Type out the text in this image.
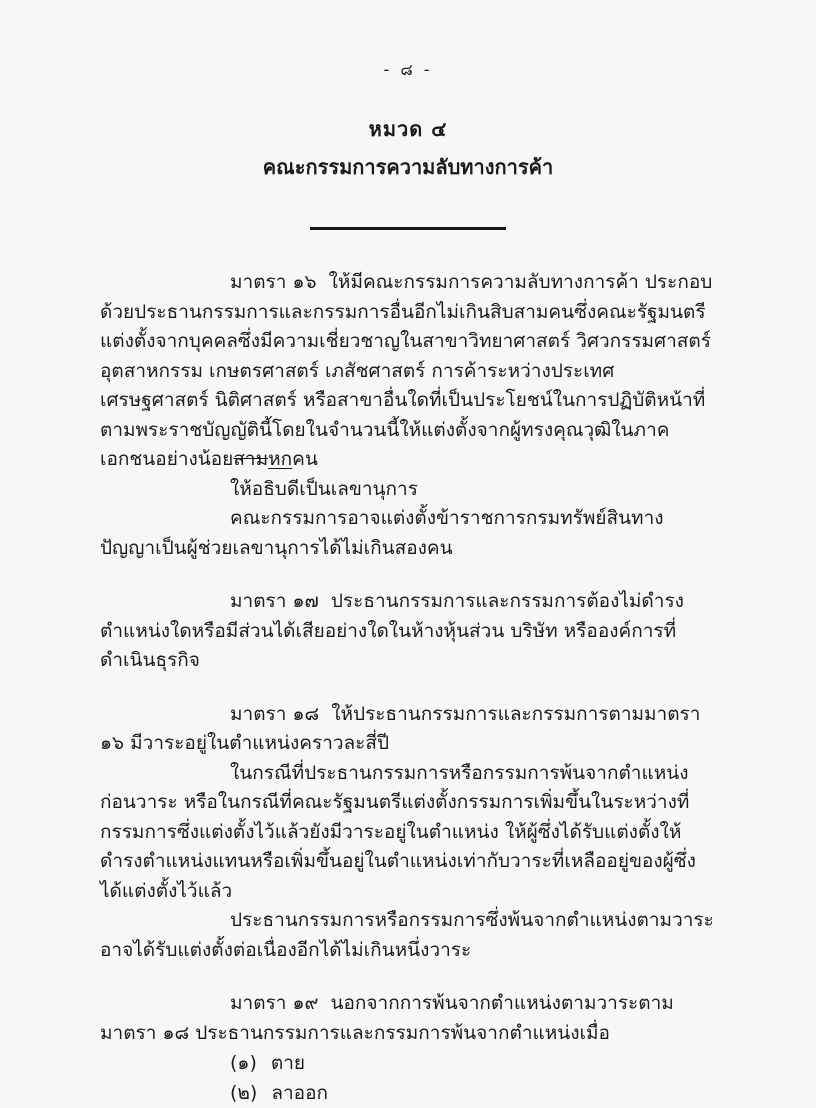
- ๘ -
หมวด ๔
คณะกรรมการความลับทางการค้า

มาตรา ๑๖  ให้มีคณะกรรมการความลับทางการค้า ประกอบด้วยประธานกรรมการและกรรมการอื่นอีกไม่เกินสิบสามคนซึ่งคณะรัฐมนตรีแต่งตั้งจากบุคคลซึ่งมีความเชี่ยวชาญในสาขาวิทยาศาสตร์ วิศวกรรมศาสตร์ อุตสาหกรรม เกษตรศาสตร์ เภสัชศาสตร์ การค้าระหว่างประเทศ เศรษฐศาสตร์ นิติศาสตร์ หรือสาขาอื่นใดที่เป็นประโยชน์ในการปฏิบัติหน้าที่ตามพระราชบัญญัตินี้โดยในจำนวนนี้ให้แต่งตั้งจากผู้ทรงคุณวุฒิในภาคเอกชนอย่างน้อยสามหกคน

ให้อธิบดีเป็นเลขานุการ

คณะกรรมการอาจแต่งตั้งข้าราชการกรมทรัพย์สินทางปัญญาเป็นผู้ช่วยเลขานุการได้ไม่เกินสองคน

มาตรา ๑๗  ประธานกรรมการและกรรมการต้องไม่ดำรงตำแหน่งใดหรือมีส่วนได้เสียอย่างใดในห้างหุ้นส่วน บริษัท หรือองค์การที่ดำเนินธุรกิจ

มาตรา ๑๘  ให้ประธานกรรมการและกรรมการตามมาตรา ๑๖ มีวาระอยู่ในตำแหน่งคราวละสี่ปี

ในกรณีที่ประธานกรรมการหรือกรรมการพ้นจากตำแหน่งก่อนวาระ หรือในกรณีที่คณะรัฐมนตรีแต่งตั้งกรรมการเพิ่มขึ้นในระหว่างที่กรรมการซึ่งแต่งตั้งไว้แล้วยังมีวาระอยู่ในตำแหน่ง ให้ผู้ซึ่งได้รับแต่งตั้งให้ดำรงตำแหน่งแทนหรือเพิ่มขึ้นอยู่ในตำแหน่งเท่ากับวาระที่เหลืออยู่ของผู้ซึ่งได้แต่งตั้งไว้แล้ว

ประธานกรรมการหรือกรรมการซึ่งพ้นจากตำแหน่งตามวาระอาจได้รับแต่งตั้งต่อเนื่องอีกได้ไม่เกินหนึ่งวาระ

มาตรา ๑๙  นอกจากการพ้นจากตำแหน่งตามวาระตามมาตรา ๑๘ ประธานกรรมการและกรรมการพ้นจากตำแหน่งเมื่อ

(๑) ตาย
(๒) ลาออก
